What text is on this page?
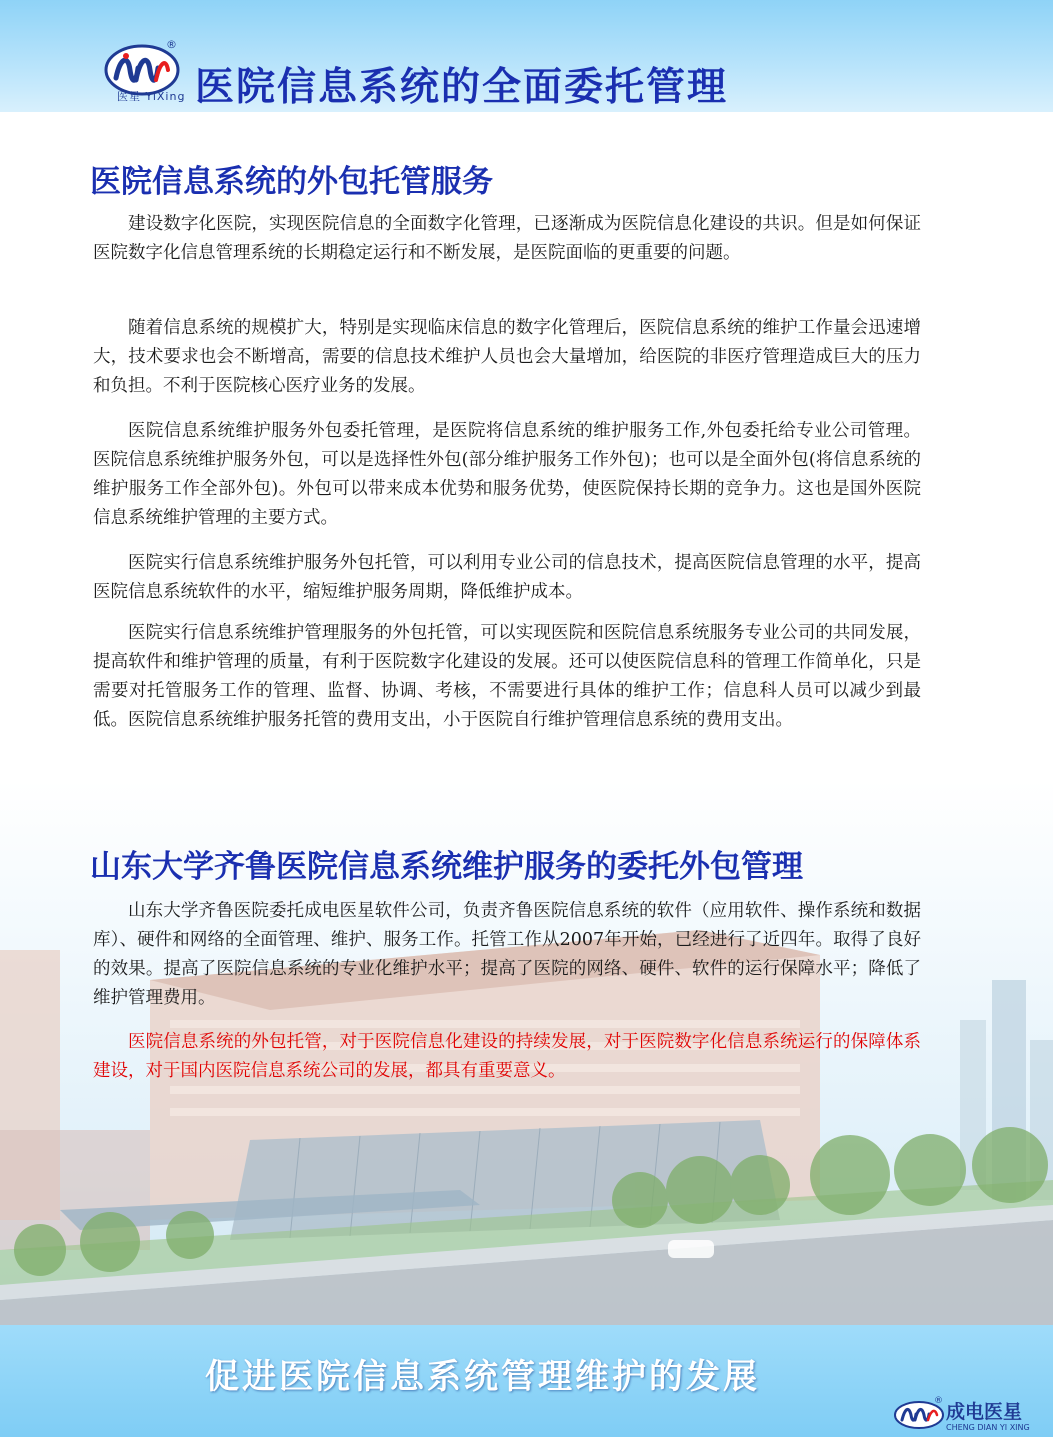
®
医星 YiXing 医院信息系统的全面委托管理
医院信息系统的外包托管服务

建设数字化医院，实现医院信息的全面数字化管理，已逐渐成为医院信息化建设的共识。但是如何保证医院数字化信息管理系统的长期稳定运行和不断发展，是医院面临的更重要的问题。

随着信息系统的规模扩大，特别是实现临床信息的数字化管理后，医院信息系统的维护工作量会迅速增大，技术要求也会不断增高，需要的信息技术维护人员也会大量增加，给医院的非医疗管理造成巨大的压力和负担。不利于医院核心医疗业务的发展。

医院信息系统维护服务外包委托管理，是医院将信息系统的维护服务工作,外包委托给专业公司管理。医院信息系统维护服务外包，可以是选择性外包(部分维护服务工作外包)；也可以是全面外包(将信息系统的维护服务工作全部外包)。外包可以带来成本优势和服务优势，使医院保持长期的竞争力。这也是国外医院信息系统维护管理的主要方式。

医院实行信息系统维护服务外包托管，可以利用专业公司的信息技术，提高医院信息管理的水平，提高医院信息系统软件的水平，缩短维护服务周期，降低维护成本。

医院实行信息系统维护管理服务的外包托管，可以实现医院和医院信息系统服务专业公司的共同发展，提高软件和维护管理的质量，有利于医院数字化建设的发展。还可以使医院信息科的管理工作简单化，只是需要对托管服务工作的管理、监督、协调、考核，不需要进行具体的维护工作；信息科人员可以减少到最低。医院信息系统维护服务托管的费用支出，小于医院自行维护管理信息系统的费用支出。

山东大学齐鲁医院信息系统维护服务的委托外包管理

山东大学齐鲁医院委托成电医星软件公司，负责齐鲁医院信息系统的软件（应用软件、操作系统和数据库）、硬件和网络的全面管理、维护、服务工作。托管工作从2007年开始，已经进行了近四年。取得了良好的效果。提高了医院信息系统的专业化维护水平；提高了医院的网络、硬件、软件的运行保障水平；降低了维护管理费用。

医院信息系统的外包托管，对于医院信息化建设的持续发展，对于医院数字化信息系统运行的保障体系建设，对于国内医院信息系统公司的发展，都具有重要意义。

促进医院信息系统管理维护的发展
® 成电医星
CHENG DIAN YI XING
